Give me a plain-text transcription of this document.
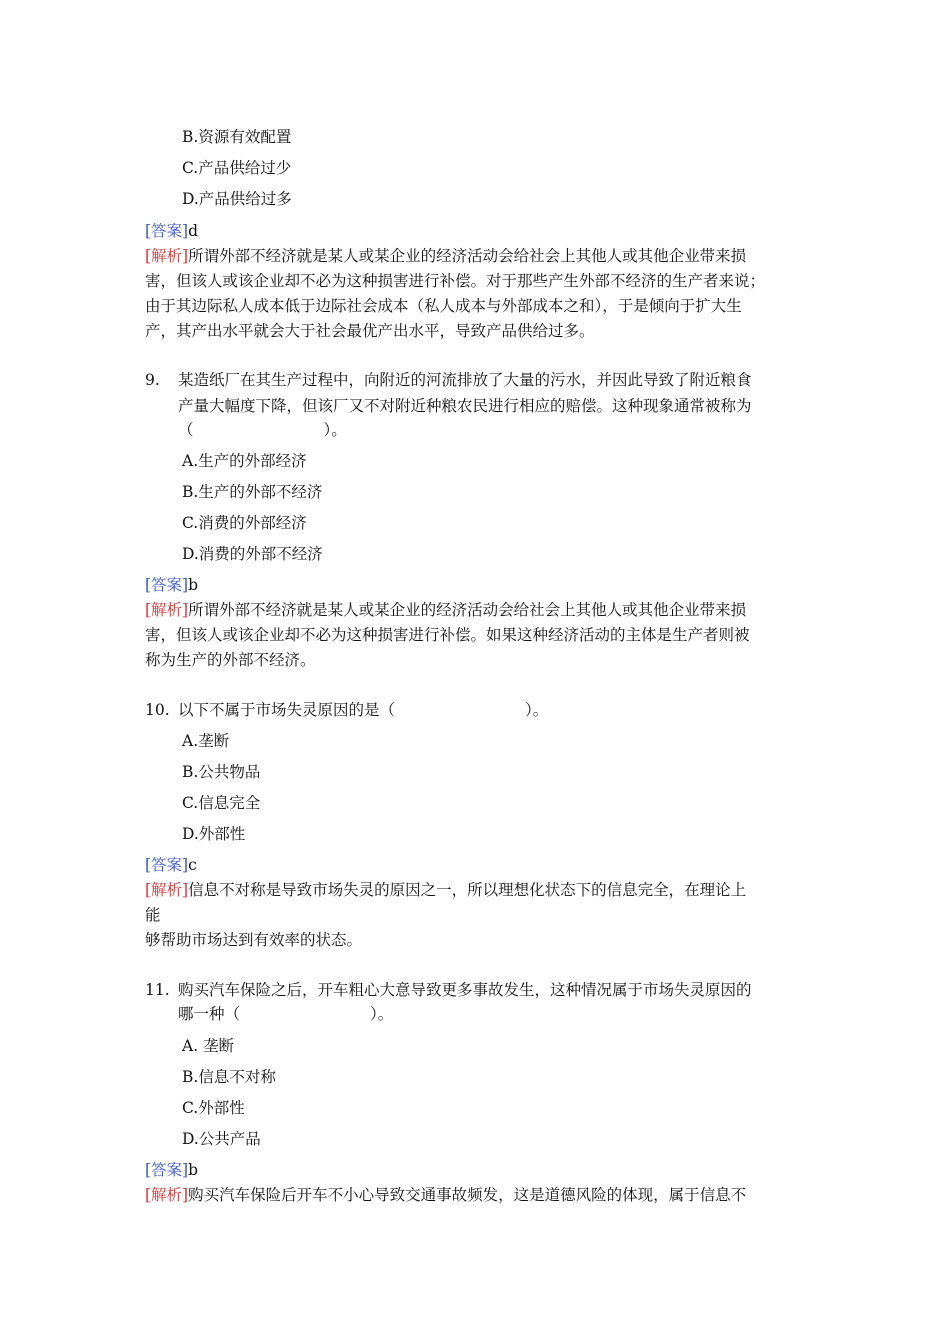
B.资源有效配置
C.产品供给过少
D.产品供给过多
[答案]d
[解析]所谓外部不经济就是某人或某企业的经济活动会给社会上其他人或其他企业带来损
害，但该人或该企业却不必为这种损害进行补偿。对于那些产生外部不经济的生产者来说；
由于其边际私人成本低于边际社会成本（私人成本与外部成本之和），于是倾向于扩大生
产，其产出水平就会大于社会最优产出水平，导致产品供给过多。
9. 某造纸厂在其生产过程中，向附近的河流排放了大量的污水，并因此导致了附近粮食
产量大幅度下降，但该厂又不对附近种粮农民进行相应的赔偿。这种现象通常被称为
（	）。
A.生产的外部经济
B.生产的外部不经济
C.消费的外部经济
D.消费的外部不经济
[答案]b
[解析]所谓外部不经济就是某人或某企业的经济活动会给社会上其他人或其他企业带来损
害，但该人或该企业却不必为这种损害进行补偿。如果这种经济活动的主体是生产者则被
称为生产的外部不经济。
10. 以下不属于市场失灵原因的是（	）。
A.垄断
B.公共物品
C.信息完全
D.外部性
[答案]c
[解析]信息不对称是导致市场失灵的原因之一，所以理想化状态下的信息完全，在理论上
能
够帮助市场达到有效率的状态。
11. 购买汽车保险之后，开车粗心大意导致更多事故发生，这种情况属于市场失灵原因的
哪一种（	）。
A. 垄断
B.信息不对称
C.外部性
D.公共产品
[答案]b
[解析]购买汽车保险后开车不小心导致交通事故频发，这是道德风险的体现，属于信息不
